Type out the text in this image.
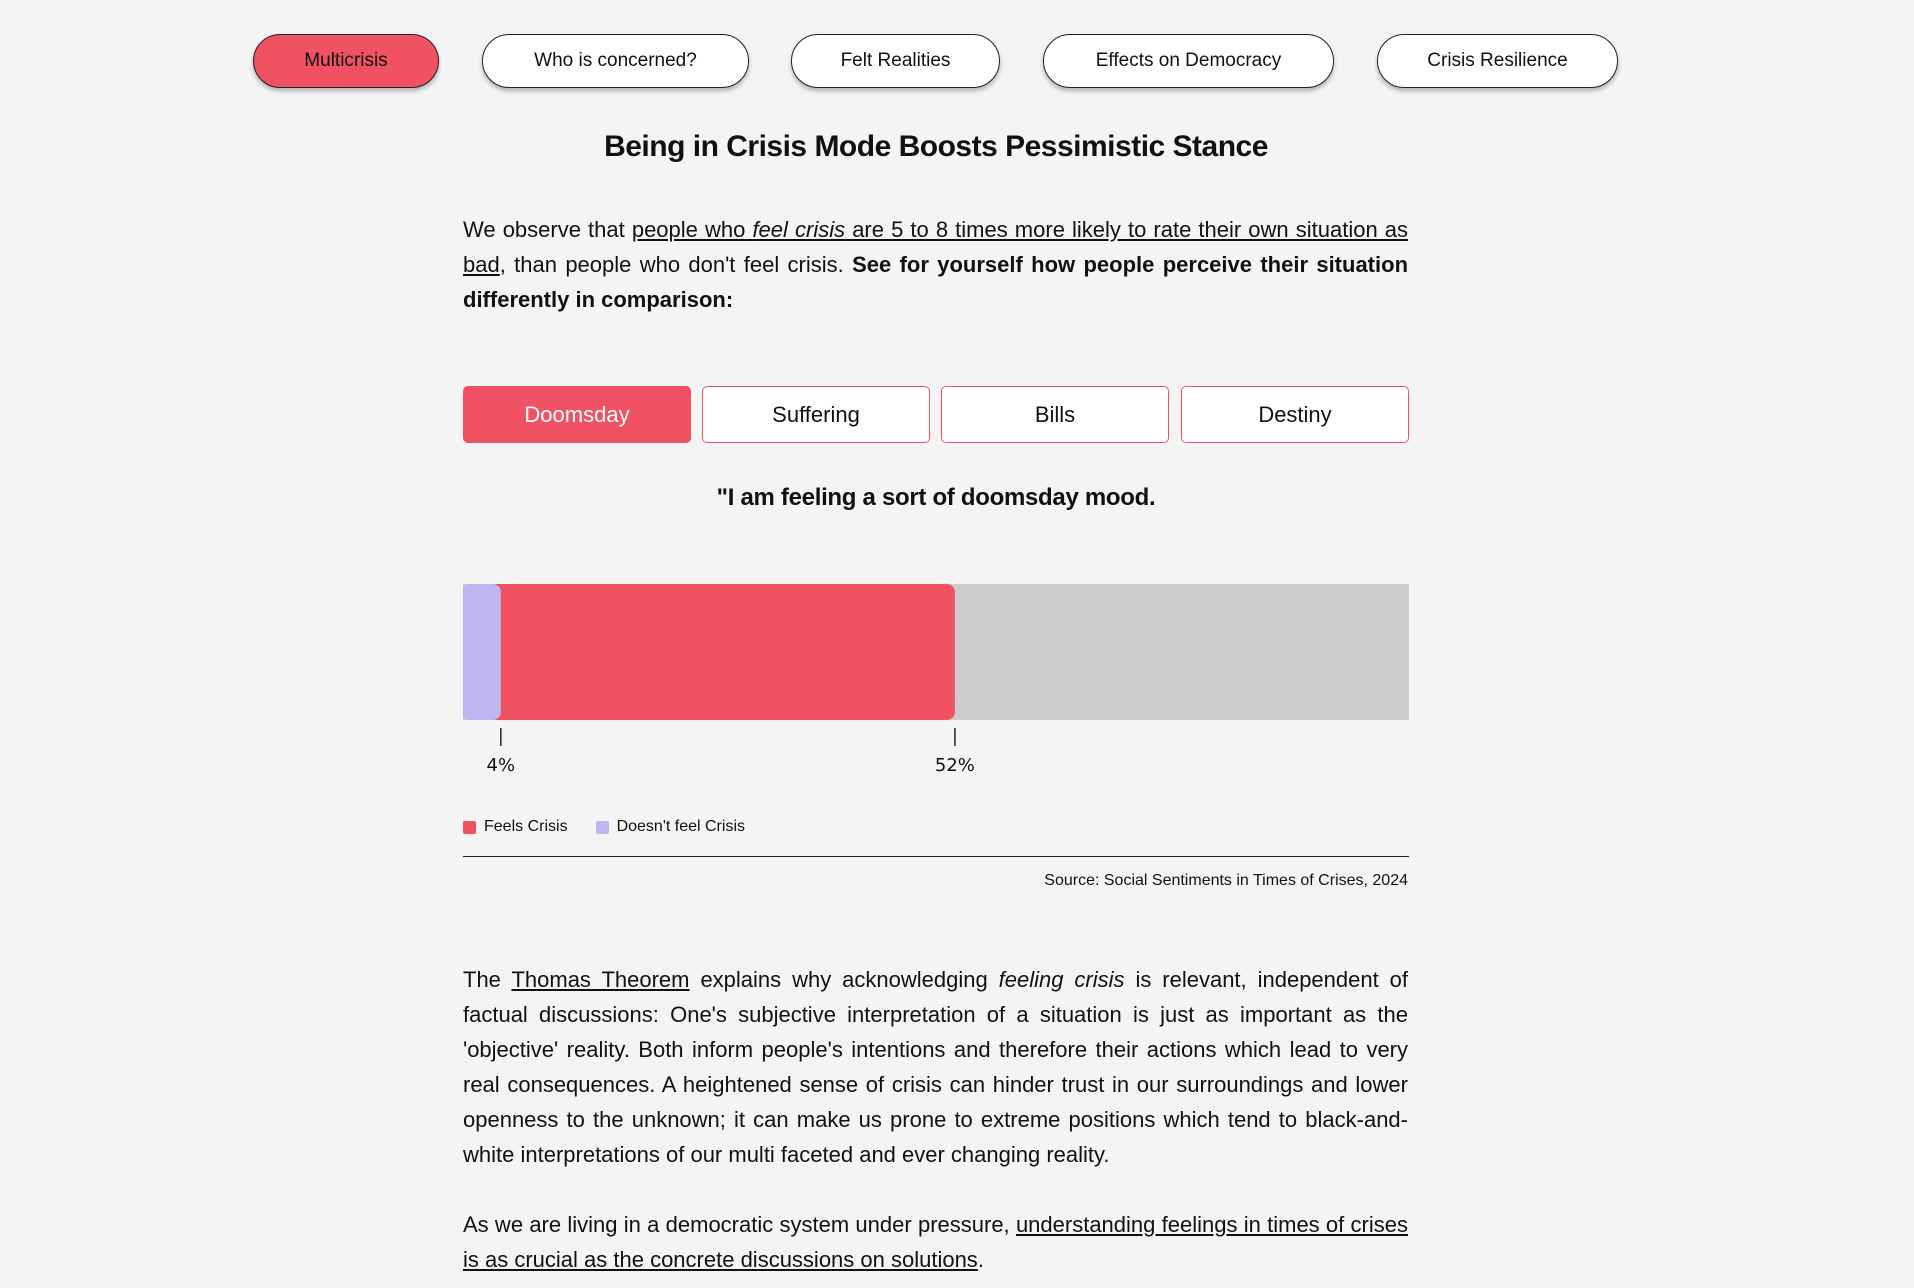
Multicrisis	Who is concerned?	Felt Realities	Effects on Democracy	Crisis Resilience
Being in Crisis Mode Boosts Pessimistic Stance

We observe that people who feel crisis are 5 to 8 times more likely to rate their own situation as bad, than people who don't feel crisis. See for yourself how people perceive their situation differently in comparison:

Doomsday	Suffering	Bills	Destiny
"I am feeling a sort of doomsday mood.
4%	52%
Feels Crisis	Doesn't feel Crisis
Source: Social Sentiments in Times of Crises, 2024

The Thomas Theorem explains why acknowledging feeling crisis is relevant, independent of factual discussions: One's subjective interpretation of a situation is just as important as the 'objective' reality. Both inform people's intentions and therefore their actions which lead to very real consequences. A heightened sense of crisis can hinder trust in our surroundings and lower openness to the unknown; it can make us prone to extreme positions which tend to black-and-white interpretations of our multi faceted and ever changing reality.

As we are living in a democratic system under pressure, understanding feelings in times of crises is as crucial as the concrete discussions on solutions.
